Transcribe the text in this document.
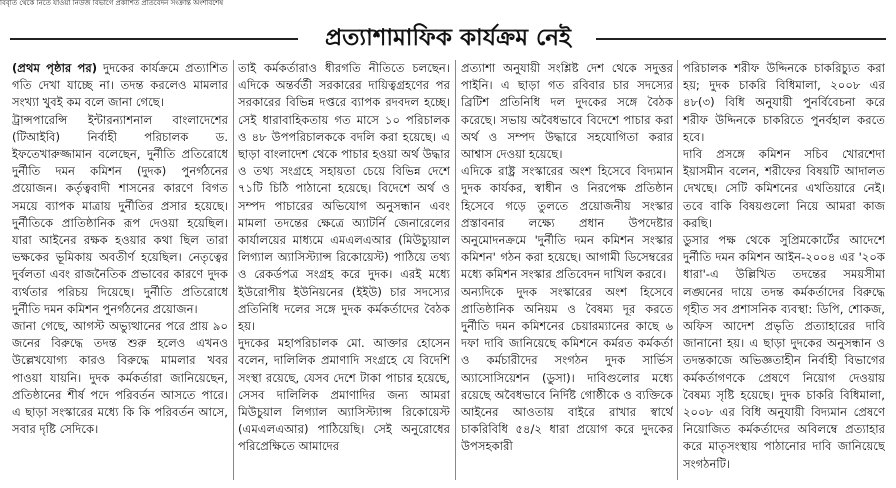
বিবৃতি থেকে নিতে যাওয়া নিউজ বিভাগে প্রকাশিত প্রতিবেদন সংক্রান্ত অংশবিশেষ
প্রত্যাশামাফিক কার্যক্রম নেই

(প্রথম পৃষ্ঠার পর) দুদকের কার্যক্রমে প্রত্যাশিত গতি দেখা যাচ্ছে না। তদন্ত করলেও মামলার সংখ্যা খুবই কম বলে জানা গেছে।

ট্রান্সপারেন্সি ইন্টারন্যাশনাল বাংলাদেশের (টিআইবি) নির্বাহী পরিচালক ড. ইফতেখারুজ্জামান বলেছেন, দুর্নীতি প্রতিরোধে দুর্নীতি দমন কমিশন (দুদক) পুনর্গঠনের প্রয়োজন। কর্তৃত্ববাদী শাসনের কারণে বিগত সময়ে ব্যাপক মাত্রায় দুর্নীতির প্রসার হয়েছে। দুর্নীতিকে প্রাতিষ্ঠানিক রূপ দেওয়া হয়েছিল। যারা আইনের রক্ষক হওয়ার কথা ছিল তারা ভক্ষকের ভূমিকায় অবতীর্ণ হয়েছিল। নেতৃত্বের দুর্বলতা এবং রাজনৈতিক প্রভাবের কারণে দুদক ব্যর্থতার পরিচয় দিয়েছে। দুর্নীতি প্রতিরোধে দুর্নীতি দমন কমিশন পুনর্গঠনের প্রয়োজন।

জানা গেছে, আগস্ট অভ্যুত্থানের পরে প্রায় ৯০ জনের বিরুদ্ধে তদন্ত শুরু হলেও এখনও উল্লেখযোগ্য কারও বিরুদ্ধে মামলার খবর পাওয়া যায়নি। দুদক কর্মকর্তারা জানিয়েছেন, প্রতিষ্ঠানের শীর্ষ পদে পরিবর্তন আসতে পারে। এ ছাড়া সংস্কারের মধ্যে কি কি পরিবর্তন আসে, সবার দৃষ্টি সেদিকে।

তাই কর্মকর্তারাও ধীরগতি নীতিতে চলছেন। এদিকে অন্তর্বর্তী সরকারের দায়িত্বগ্রহণের পর সরকারের বিভিন্ন দপ্তরে ব্যাপক রদবদল হচ্ছে। সেই ধারাবাহিকতায় গত মাসে ১০ পরিচালক ও ৪৮ উপপরিচালককে বদলি করা হয়েছে। এ ছাড়া বাংলাদেশ থেকে পাচার হওয়া অর্থ উদ্ধার ও তথ্য সংগ্রহে সহায়তা চেয়ে বিভিন্ন দেশে ৭১টি চিঠি পাঠানো হয়েছে। বিদেশে অর্থ ও সম্পদ পাচারের অভিযোগ অনুসন্ধান এবং মামলা তদন্তের ক্ষেত্রে অ্যাটর্নি জেনারেলের কার্যালয়ের মাধ্যমে এমএলএআর (মিউচ্যুয়াল লিগ্যাল অ্যাসিস্ট্যান্স রিকোয়েস্ট) পাঠিয়ে তথ্য ও রেকর্ডপত্র সংগ্রহ করে দুদক। এরই মধ্যে ইউরোপীয় ইউনিয়নের (ইইউ) চার সদস্যের প্রতিনিধি দলের সঙ্গে দুদক কর্মকর্তাদের বৈঠক হয়।

দুদকের মহাপরিচালক মো. আক্তার হোসেন বলেন, দালিলিক প্রমাণাদি সংগ্রহে যে বিদেশি সংস্থা রয়েছে, যেসব দেশে টাকা পাচার হয়েছে, সেসব দালিলিক প্রমাণাদির জন্য আমরা মিউচুয়াল লিগ্যাল অ্যাসিস্ট্যান্স রিকোয়েস্ট (এমএলএআর) পাঠিয়েছি। সেই অনুরোধের পরিপ্রেক্ষিতে আমাদের

প্রত্যাশা অনুযায়ী সংশ্লিষ্ট দেশ থেকে সদুত্তর পাইনি। এ ছাড়া গত রবিবার চার সদস্যের ব্রিটিশ প্রতিনিধি দল দুদকের সঙ্গে বৈঠক করেছে। সভায় অবৈধভাবে বিদেশে পাচার করা অর্থ ও সম্পদ উদ্ধারে সহযোগিতা করার আশ্বাস দেওয়া হয়েছে।

এদিকে রাষ্ট্র সংস্কারের অংশ হিসেবে বিদ্যমান দুদক কার্যকর, স্বাধীন ও নিরপেক্ষ প্রতিষ্ঠান হিসেবে গড়ে তুলতে প্রয়োজনীয় সংস্কার প্রস্তাবনার লক্ষ্যে প্রধান উপদেষ্টার অনুমোদনক্রমে 'দুর্নীতি দমন কমিশন সংস্কার কমিশন' গঠন করা হয়েছে। আগামী ডিসেম্বরের মধ্যে কমিশন সংস্কার প্রতিবেদন দাখিল করবে।

অন্যদিকে দুদক সংস্কারের অংশ হিসেবে প্রাতিষ্ঠানিক অনিয়ম ও বৈষম্য দূর করতে দুর্নীতি দমন কমিশনের চেয়ারম্যানের কাছে ৬ দফা দাবি জানিয়েছে কমিশনে কর্মরত কর্মকর্তা ও কর্মচারীদের সংগঠন দুদক সার্ভিস অ্যাসোসিয়েশন (ডুসা)। দাবিগুলোর মধ্যে রয়েছে অবৈধভাবে নির্দিষ্ট গোষ্ঠীকে ও ব্যক্তিকে আইনের আওতায় বাইরে রাখার স্বার্থে চাকরিবিধি ৫৪/২ ধারা প্রয়োগ করে দুদকের উপসহকারী

পরিচালক শরীফ উদ্দিনকে চাকরিচ্যুত করা হয়; দুদক চাকরি বিধিমালা, ২০০৮ এর ৪৮(৩) বিধি অনুযায়ী পুনর্বিবেচনা করে শরীফ উদ্দিনকে চাকরিতে পুনর্বহাল করতে হবে।

দাবি প্রসঙ্গে কমিশন সচিব খোরশেদা ইয়াসমীন বলেন, শরীফের বিষয়টি আদালত দেখছে। সেটি কমিশনের এখতিয়ারে নেই। তবে বাকি বিষয়গুলো নিয়ে আমরা কাজ করছি।

ডুসার পক্ষ থেকে সুপ্রিমকোর্টের আদেশে দুর্নীতি দমন কমিশন আইন-২০০৪ এর '২০ক ধারা'-এ উল্লিখিত তদন্তের সময়সীমা লঙ্ঘনের দায়ে তদন্ত কর্মকর্তাদের বিরুদ্ধে গৃহীত সব প্রশাসনিক ব্যবস্থা: ডিপি, শোকজ, অফিস আদেশ প্রভৃতি প্রত্যাহারের দাবি জানানো হয়। এ ছাড়া দুদকের অনুসন্ধান ও তদন্তকাজে অভিজ্ঞতাহীন নির্বাহী বিভাগের কর্মকর্তাগণকে প্রেষণে নিয়োগ দেওয়ায় বৈষম্য সৃষ্টি হয়েছে। দুদক চাকরি বিধিমালা, ২০০৮ এর বিধি অনুযায়ী বিদ্যমান প্রেষণে নিয়োজিত কর্মকর্তাদের অবিলম্বে প্রত্যাহার করে মাতৃসংস্থায় পাঠানোর দাবি জানিয়েছে সংগঠনটি।
